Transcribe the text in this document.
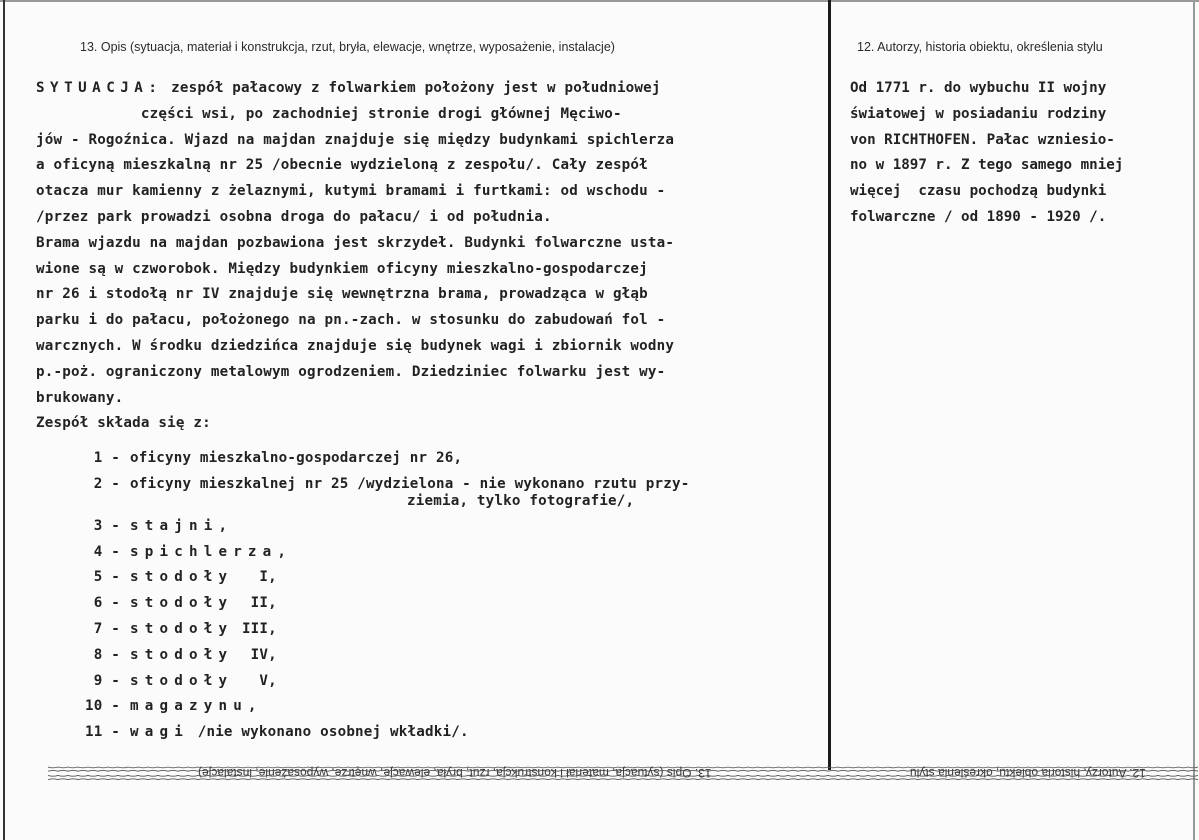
13. Opis (sytuacja, materiał i konstrukcja, rzut, bryła, elewacje, wnętrze, wyposażenie, instalacje)	12. Autorzy, historia obiektu, określenia stylu
SYTUACJA: zespół pałacowy z folwarkiem położony jest w południowej
części wsi, po zachodniej stronie drogi głównej Męciwo-
jów - Rogoźnica. Wjazd na majdan znajduje się między budynkami spichlerza
a oficyną mieszkalną nr 25 /obecnie wydzieloną z zespołu/. Cały zespół
otacza mur kamienny z żelaznymi, kutymi bramami i furtkami: od wschodu -
/przez park prowadzi osobna droga do pałacu/ i od południa.
Brama wjazdu na majdan pozbawiona jest skrzydeł. Budynki folwarczne usta-
wione są w czworobok. Między budynkiem oficyny mieszkalno-gospodarczej
nr 26 i stodołą nr IV znajduje się wewnętrzna brama, prowadząca w głąb
parku i do pałacu, położonego na pn.-zach. w stosunku do zabudowań fol -
warcznych. W środku dziedzińca znajduje się budynek wagi i zbiornik wodny
p.-poż. ograniczony metalowym ogrodzeniem. Dziedziniec folwarku jest wy-
brukowany.
Zespół składa się z:
1 - oficyny mieszkalno-gospodarczej nr 26,
2 - oficyny mieszkalnej nr 25 /wydzielona - nie wykonano rzutu przy-
ziemia, tylko fotografie/,
3 - stajni,
4 - spichlerza,
5 - stodoły I,
6 - stodoły II,
7 - stodoły III,
8 - stodoły IV,
9 - stodoły V,
10 - magazynu,
11 - wagi /nie wykonano osobnej wkładki/.
Od 1771 r. do wybuchu II wojny
światowej w posiadaniu rodziny
von RICHTHOFEN. Pałac wzniesio-
no w 1897 r. Z tego samego mniej
więcej  czasu pochodzą budynki
folwarczne / od 1890 - 1920 /.
13. Opis (sytuacja, materiał i konstrukcja, rzut, bryła, elewacje, wnętrze, wyposażenie, instalacje)	12. Autorzy, historia obiektu, określenia stylu
